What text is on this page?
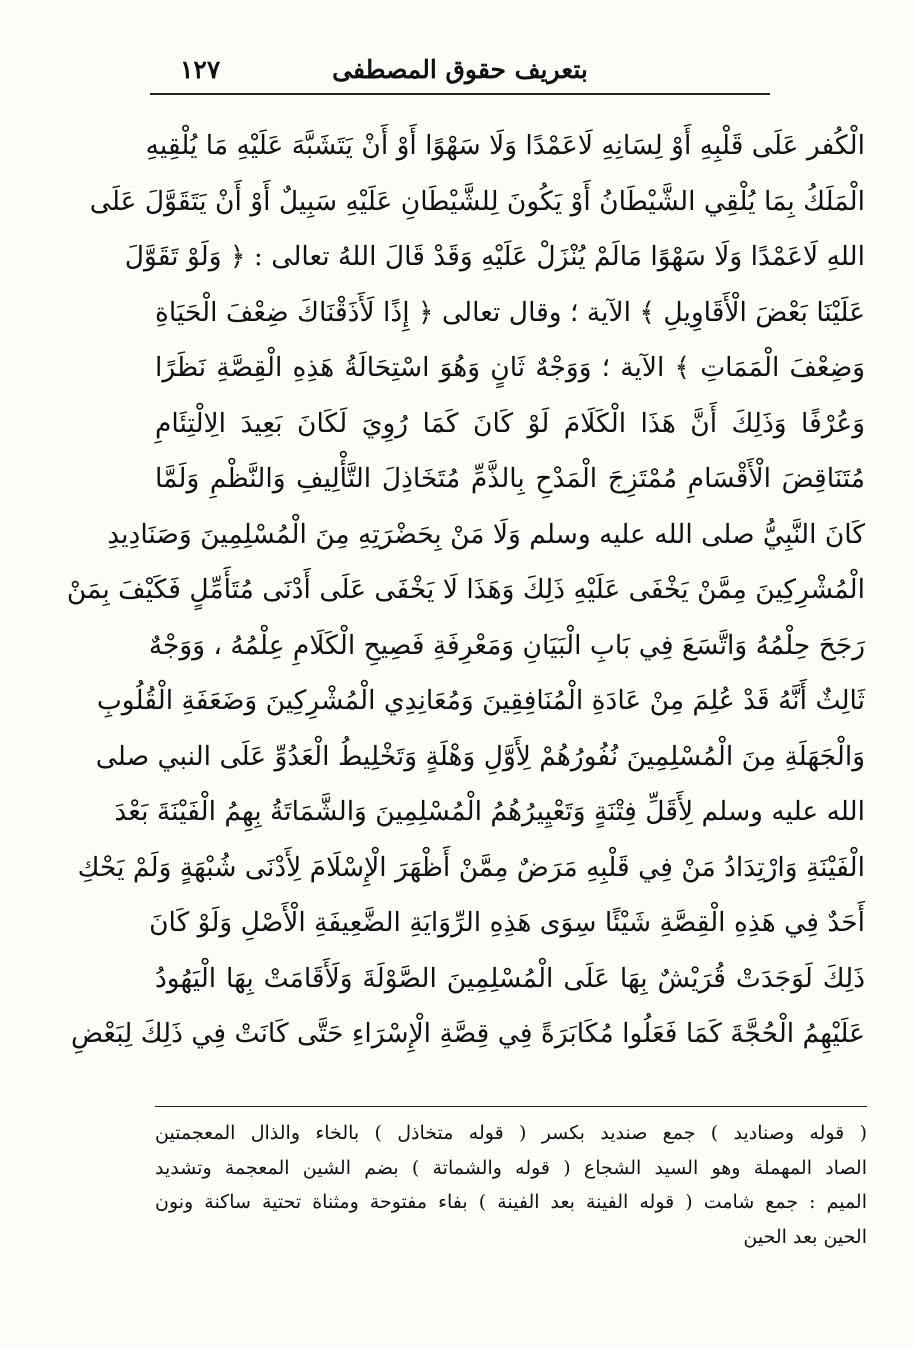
١٢٧	بتعريف حقوق المصطفى
الْكُفر عَلَى قَلْبِهِ أَوْ لِسَانِهِ لَاعَمْدًا وَلَا سَهْوًا أَوْ أَنْ يَتَشَبَّهَ عَلَيْهِ مَا يُلْقِيهِ
الْمَلَكُ بِمَا يُلْقِي الشَّيْطَانُ أَوْ يَكُونَ لِلشَّيْطَانِ عَلَيْهِ سَبِيلٌ أَوْ أَنْ يَتَقَوَّلَ عَلَى
اللهِ لَاعَمْدًا وَلَا سَهْوًا مَالَمْ يُنْزَلْ عَلَيْهِ وَقَدْ قَالَ اللهُ تعالى : ﴿ وَلَوْ تَقَوَّلَ
عَلَيْنَا بَعْضَ الْأَقَاوِيلِ ﴾ الآية ؛ وقال تعالى ﴿ إِذًا لَأَذَقْنَاكَ ضِعْفَ الْحَيَاةِ
وَضِعْفَ الْمَمَاتِ ﴾ الآية ؛ وَوَجْهٌ ثَانٍ وَهُوَ اسْتِحَالَةُ هَذِهِ الْقِصَّةِ نَظَرًا
وَعُرْفًا وَذَلِكَ أَنَّ هَذَا الْكَلَامَ لَوْ كَانَ كَمَا رُوِيَ لَكَانَ بَعِيدَ الِالْتِئَامِ
مُتَنَاقِضَ الْأَقْسَامِ مُمْتَزِجَ الْمَدْحِ بِالذَّمِّ مُتَخَاذِلَ التَّأْلِيفِ وَالنَّظْمِ وَلَمَّا
كَانَ النَّبِيُّ صلى الله عليه وسلم وَلَا مَنْ بِحَضْرَتِهِ مِنَ الْمُسْلِمِينَ وَصَنَادِيدِ
الْمُشْرِكِينَ مِمَّنْ يَخْفَى عَلَيْهِ ذَلِكَ وَهَذَا لَا يَخْفَى عَلَى أَدْنَى مُتَأَمِّلٍ فَكَيْفَ بِمَنْ
رَجَحَ حِلْمُهُ وَاتَّسَعَ فِي بَابِ الْبَيَانِ وَمَعْرِفَةِ فَصِيحِ الْكَلَامِ عِلْمُهُ ، وَوَجْهٌ
ثَالِثٌ أَنَّهُ قَدْ عُلِمَ مِنْ عَادَةِ الْمُنَافِقِينَ وَمُعَانِدِي الْمُشْرِكِينَ وَضَعَفَةِ الْقُلُوبِ
وَالْجَهَلَةِ مِنَ الْمُسْلِمِينَ نُفُورُهُمْ لِأَوَّلِ وَهْلَةٍ وَتَخْلِيطُ الْعَدُوِّ عَلَى النبي صلى
الله عليه وسلم لِأَقَلِّ فِتْنَةٍ وَتَعْيِيرُهُمُ الْمُسْلِمِينَ وَالشَّمَاتَةُ بِهِمُ الْفَيْنَةَ بَعْدَ
الْفَيْنَةِ وَارْتِدَادُ مَنْ فِي قَلْبِهِ مَرَضٌ مِمَّنْ أَظْهَرَ الْإِسْلَامَ لِأَدْنَى شُبْهَةٍ وَلَمْ يَحْكِ
أَحَدٌ فِي هَذِهِ الْقِصَّةِ شَيْئًا سِوَى هَذِهِ الرِّوَايَةِ الضَّعِيفَةِ الْأَصْلِ وَلَوْ كَانَ
ذَلِكَ لَوَجَدَتْ قُرَيْشٌ بِهَا عَلَى الْمُسْلِمِينَ الصَّوْلَةَ وَلَأَقَامَتْ بِهَا الْيَهُودُ
عَلَيْهِمُ الْحُجَّةَ كَمَا فَعَلُوا مُكَابَرَةً فِي قِصَّةِ الْإِسْرَاءِ حَتَّى كَانَتْ فِي ذَلِكَ لِبَعْضِ
( قوله وصناديد ) جمع صنديد بكسر ( قوله متخاذل ) بالخاء والذال المعجمتين
الصاد المهملة وهو السيد الشجاع ( قوله والشماتة ) بضم الشين المعجمة وتشديد
الميم : جمع شامت ( قوله الفينة بعد الفينة ) بفاء مفتوحة ومثناة تحتية ساكنة ونون
الحين بعد الحين
